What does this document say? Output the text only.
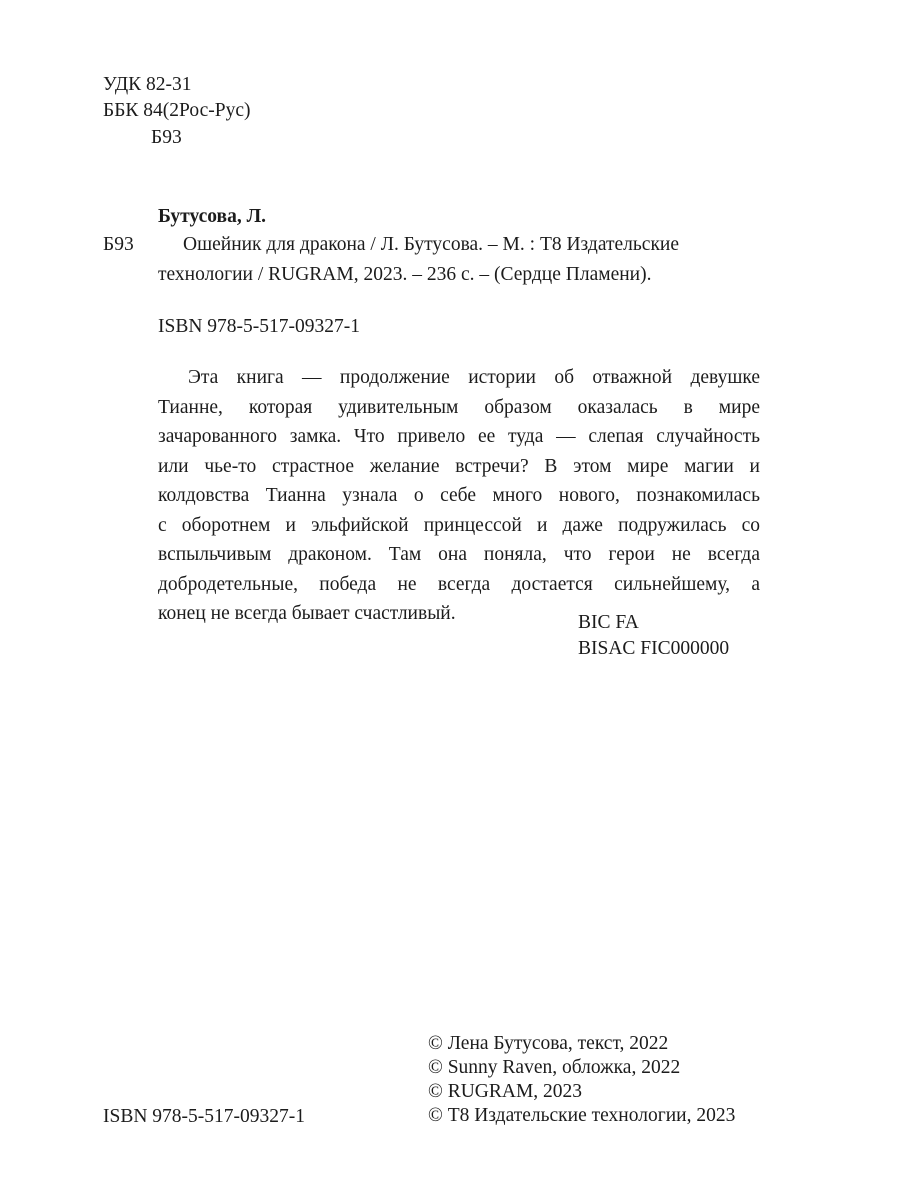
УДК 82-31
ББК 84(2Рос-Рус)
Б93
Бутусова, Л.
Б93	Ошейник для дракона / Л. Бутусова. – М. : Т8 Издательские
технологии / RUGRAM, 2023. – 236 с. – (Сердце Пламени).
ISBN 978-5-517-09327-1
Эта книга — продолжение истории об отважной девушке
Тианне, которая удивительным образом оказалась в мире
зачарованного замка. Что привело ее туда — слепая случайность
или чье-то страстное желание встречи? В этом мире магии и
колдовства Тианна узнала о себе много нового, познакомилась
с оборотнем и эльфийской принцессой и даже подружилась со
вспыльчивым драконом. Там она поняла, что герои не всегда
добродетельные, победа не всегда достается сильнейшему, а
конец не всегда бывает счастливый.	BIC FA
BISAC FIC000000
© Лена Бутусова, текст, 2022
© Sunny Raven, обложка, 2022
© RUGRAM, 2023
© Т8 Издательские технологии, 2023
ISBN 978-5-517-09327-1
